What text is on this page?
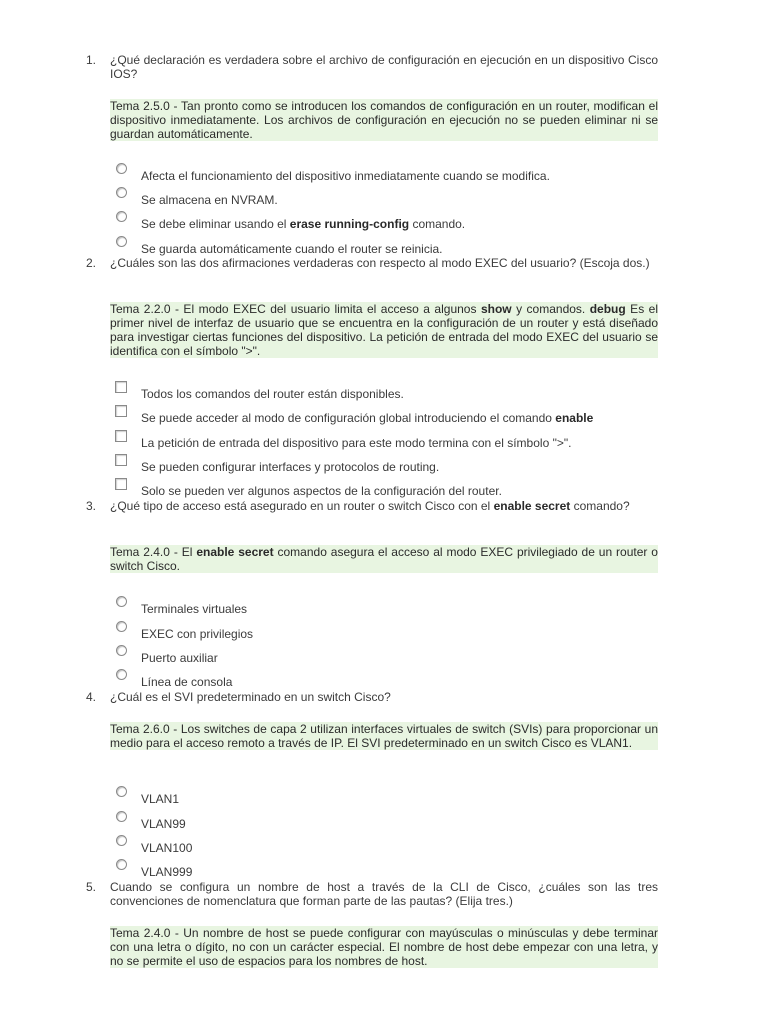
1.	¿Qué declaración es verdadera sobre el archivo de configuración en ejecución en un dispositivo Cisco IOS?
Tema 2.5.0 - Tan pronto como se introducen los comandos de configuración en un router, modifican el dispositivo inmediatamente. Los archivos de configuración en ejecución no se pueden eliminar ni se guardan automáticamente.
Afecta el funcionamiento del dispositivo inmediatamente cuando se modifica.
Se almacena en NVRAM.
Se debe eliminar usando el erase running-config comando.
Se guarda automáticamente cuando el router se reinicia.
2.	¿Cuáles son las dos afirmaciones verdaderas con respecto al modo EXEC del usuario? (Escoja dos.)
Tema 2.2.0 - El modo EXEC del usuario limita el acceso a algunos show y comandos. debug Es el primer nivel de interfaz de usuario que se encuentra en la configuración de un router y está diseñado para investigar ciertas funciones del dispositivo. La petición de entrada del modo EXEC del usuario se identifica con el símbolo ">".
Todos los comandos del router están disponibles.
Se puede acceder al modo de configuración global introduciendo el comando enable
La petición de entrada del dispositivo para este modo termina con el símbolo ">".
Se pueden configurar interfaces y protocolos de routing.
Solo se pueden ver algunos aspectos de la configuración del router.
3.	¿Qué tipo de acceso está asegurado en un router o switch Cisco con el enable secret comando?
Tema 2.4.0 - El enable secret comando asegura el acceso al modo EXEC privilegiado de un router o switch Cisco.
Terminales virtuales
EXEC con privilegios
Puerto auxiliar
Línea de consola
4.	¿Cuál es el SVI predeterminado en un switch Cisco?
Tema 2.6.0 - Los switches de capa 2 utilizan interfaces virtuales de switch (SVIs) para proporcionar un medio para el acceso remoto a través de IP. El SVI predeterminado en un switch Cisco es VLAN1.
VLAN1
VLAN99
VLAN100
VLAN999
5.	Cuando se configura un nombre de host a través de la CLI de Cisco, ¿cuáles son las tres convenciones de nomenclatura que forman parte de las pautas? (Elija tres.)
Tema 2.4.0 - Un nombre de host se puede configurar con mayúsculas o minúsculas y debe terminar con una letra o dígito, no con un carácter especial. El nombre de host debe empezar con una letra, y no se permite el uso de espacios para los nombres de host.
